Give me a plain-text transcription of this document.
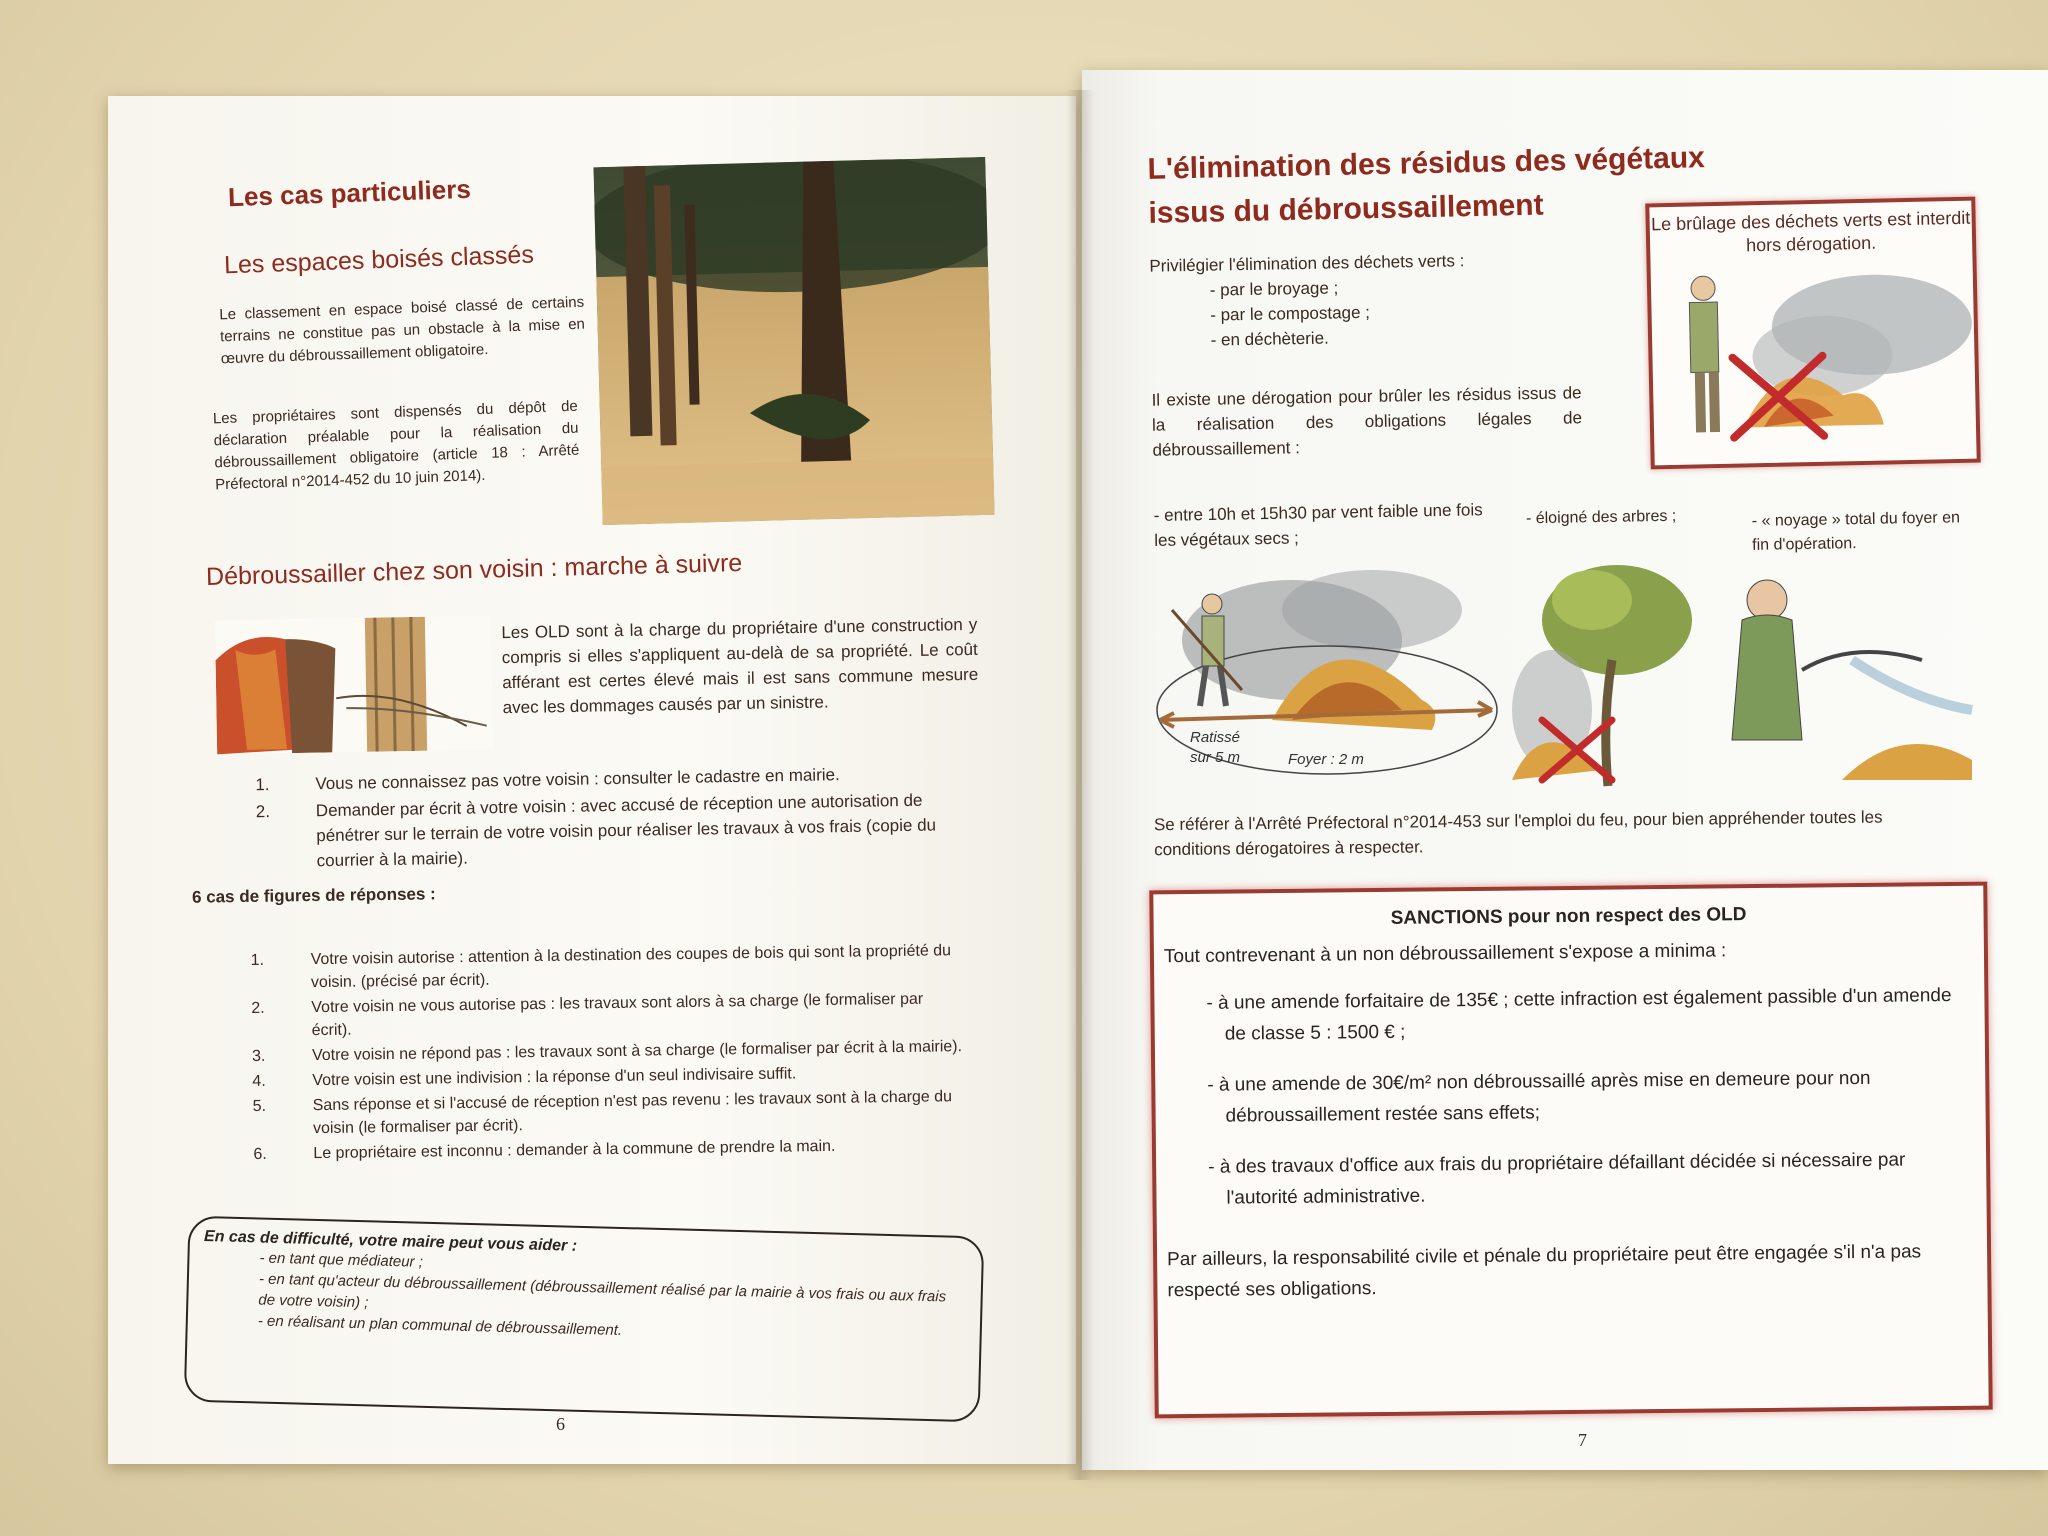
Les cas particuliers
Les espaces boisés classés
Le classement en espace boisé classé de certains terrains ne constitue pas un obstacle à la mise en œuvre du débroussaillement obligatoire.
Les propriétaires sont dispensés du dépôt de déclaration préalable pour la réalisation du débroussaillement obligatoire (article 18 : Arrêté Préfectoral n°2014-452 du 10 juin 2014).
Débroussailler chez son voisin : marche à suivre
Les OLD sont à la charge du propriétaire d'une construction y compris si elles s'appliquent au-delà de sa propriété. Le coût afférant est certes élevé mais il est sans commune mesure avec les dommages causés par un sinistre.
1.	Vous ne connaissez pas votre voisin : consulter le cadastre en mairie.
2.	Demander par écrit à votre voisin : avec accusé de réception une autorisation de pénétrer sur le terrain de votre voisin pour réaliser les travaux à vos frais (copie du courrier à la mairie).
6 cas de figures de réponses :
1.	Votre voisin autorise : attention à la destination des coupes de bois qui sont la propriété du voisin. (précisé par écrit).
2.	Votre voisin ne vous autorise pas : les travaux sont alors à sa charge (le formaliser par écrit).
3.	Votre voisin ne répond pas : les travaux sont à sa charge (le formaliser par écrit à la mairie).
4.	Votre voisin est une indivision : la réponse d'un seul indivisaire suffit.
5.	Sans réponse et si l'accusé de réception n'est pas revenu : les travaux sont à la charge du voisin (le formaliser par écrit).
6.	Le propriétaire est inconnu : demander à la commune de prendre la main.
En cas de difficulté, votre maire peut vous aider :
- en tant que médiateur ;
- en tant qu'acteur du débroussaillement (débroussaillement réalisé par la mairie à vos frais ou aux frais de votre voisin) ;
- en réalisant un plan communal de débroussaillement.
6
L'élimination des résidus des végétaux
issus du débroussaillement	Le brûlage des déchets verts est interdit hors dérogation.
Privilégier l'élimination des déchets verts :
- par le broyage ;
- par le compostage ;
- en déchèterie.
Il existe une dérogation pour brûler les résidus issus de la réalisation des obligations légales de débroussaillement :
- entre 10h et 15h30 par vent faible une fois les végétaux secs ;
- éloigné des arbres ;	- « noyage » total du foyer en fin d'opération.
Ratissé
sur 5 m	Foyer : 2 m
Se référer à l'Arrêté Préfectoral n°2014-453 sur l'emploi du feu, pour bien appréhender toutes les conditions dérogatoires à respecter.
SANCTIONS pour non respect des OLD
Tout contrevenant à un non débroussaillement s'expose a minima :
- à une amende forfaitaire de 135€ ; cette infraction est également passible d'un amende de classe 5 : 1500 € ;
- à une amende de 30€/m² non débroussaillé après mise en demeure pour non débroussaillement restée sans effets;
- à des travaux d'office aux frais du propriétaire défaillant décidée si nécessaire par l'autorité administrative.
Par ailleurs, la responsabilité civile et pénale du propriétaire peut être engagée s'il n'a pas respecté ses obligations.
7
